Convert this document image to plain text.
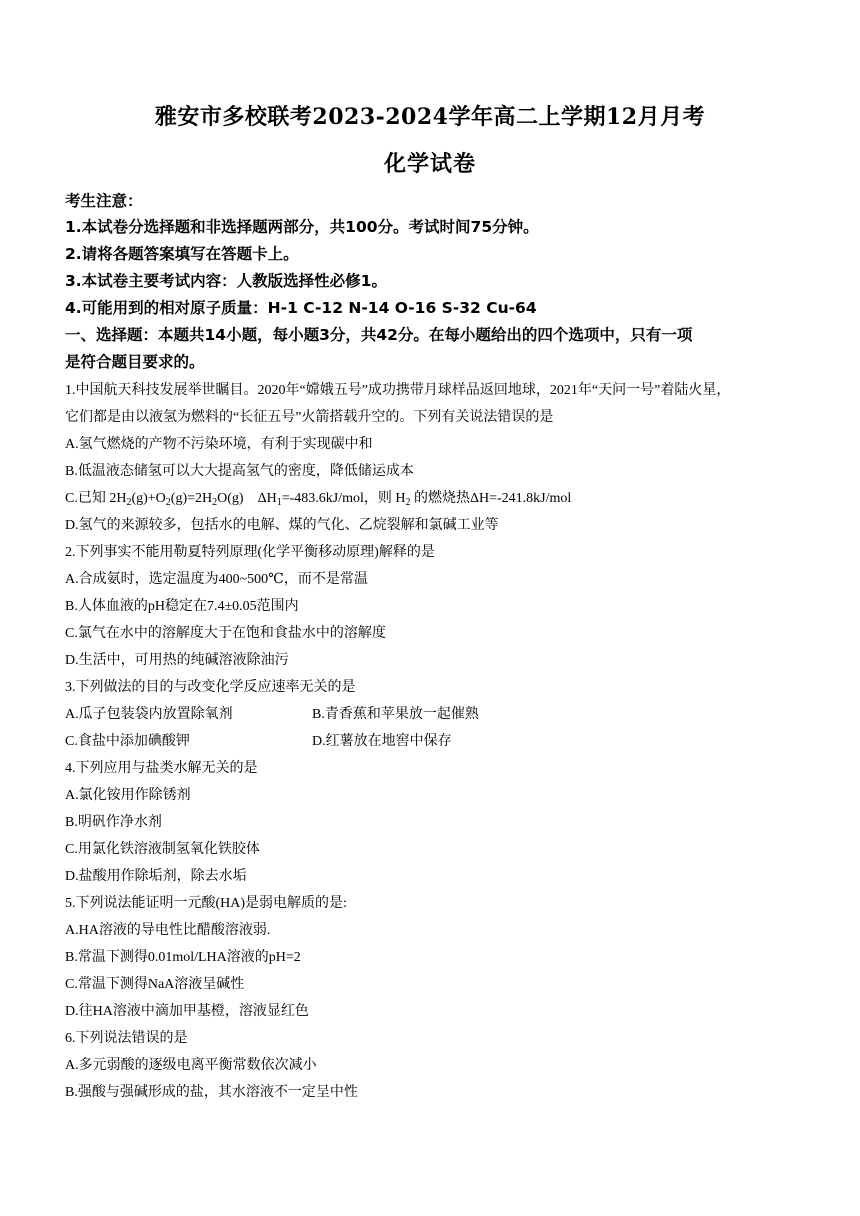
雅安市多校联考2023-2024学年高二上学期12月月考
化学试卷
考生注意：
1.本试卷分选择题和非选择题两部分，共100分。考试时间75分钟。
2.请将各题答案填写在答题卡上。
3.本试卷主要考试内容：人教版选择性必修1。
4.可能用到的相对原子质量：H-1 C-12 N-14 O-16 S-32 Cu-64
一、选择题：本题共14小题，每小题3分，共42分。在每小题给出的四个选项中，只有一项
是符合题目要求的。
1.中国航天科技发展举世瞩目。2020年“嫦娥五号”成功携带月球样品返回地球，2021年“天问一号”着陆火星，
它们都是由以液氢为燃料的“长征五号”火箭搭载升空的。下列有关说法错误的是
A.氢气燃烧的产物不污染环境，有利于实现碳中和
B.低温液态储氢可以大大提高氢气的密度，降低储运成本
C.已知 $2H_2(g)+O_2(g)=2H_2O(g)$　$\Delta H_1=-483.6kJ$/mol，则 $H_2$ 的燃烧热ΔH=-241.8kJ/mol
D.氢气的来源较多，包括水的电解、煤的气化、乙烷裂解和氯碱工业等
2.下列事实不能用勒夏特列原理(化学平衡移动原理)解释的是
A.合成氨时，选定温度为400~500℃，而不是常温
B.人体血液的pH稳定在7.4±0.05范围内
C.氯气在水中的溶解度大于在饱和食盐水中的溶解度
D.生活中，可用热的纯碱溶液除油污
3.下列做法的目的与改变化学反应速率无关的是
A.瓜子包装袋内放置除氧剂	B.青香蕉和苹果放一起催熟
C.食盐中添加碘酸钾	D.红薯放在地窖中保存
4.下列应用与盐类水解无关的是
A.氯化铵用作除锈剂
B.明矾作净水剂
C.用氯化铁溶液制氢氧化铁胶体
D.盐酸用作除垢剂，除去水垢
5.下列说法能证明一元酸(HA)是弱电解质的是:
A.HA溶液的导电性比醋酸溶液弱.
B.常温下测得0.01mol/LHA溶液的pH=2
C.常温下测得NaA溶液呈碱性
D.往HA溶液中滴加甲基橙，溶液显红色
6.下列说法错误的是
A.多元弱酸的逐级电离平衡常数依次减小
B.强酸与强碱形成的盐，其水溶液不一定呈中性
